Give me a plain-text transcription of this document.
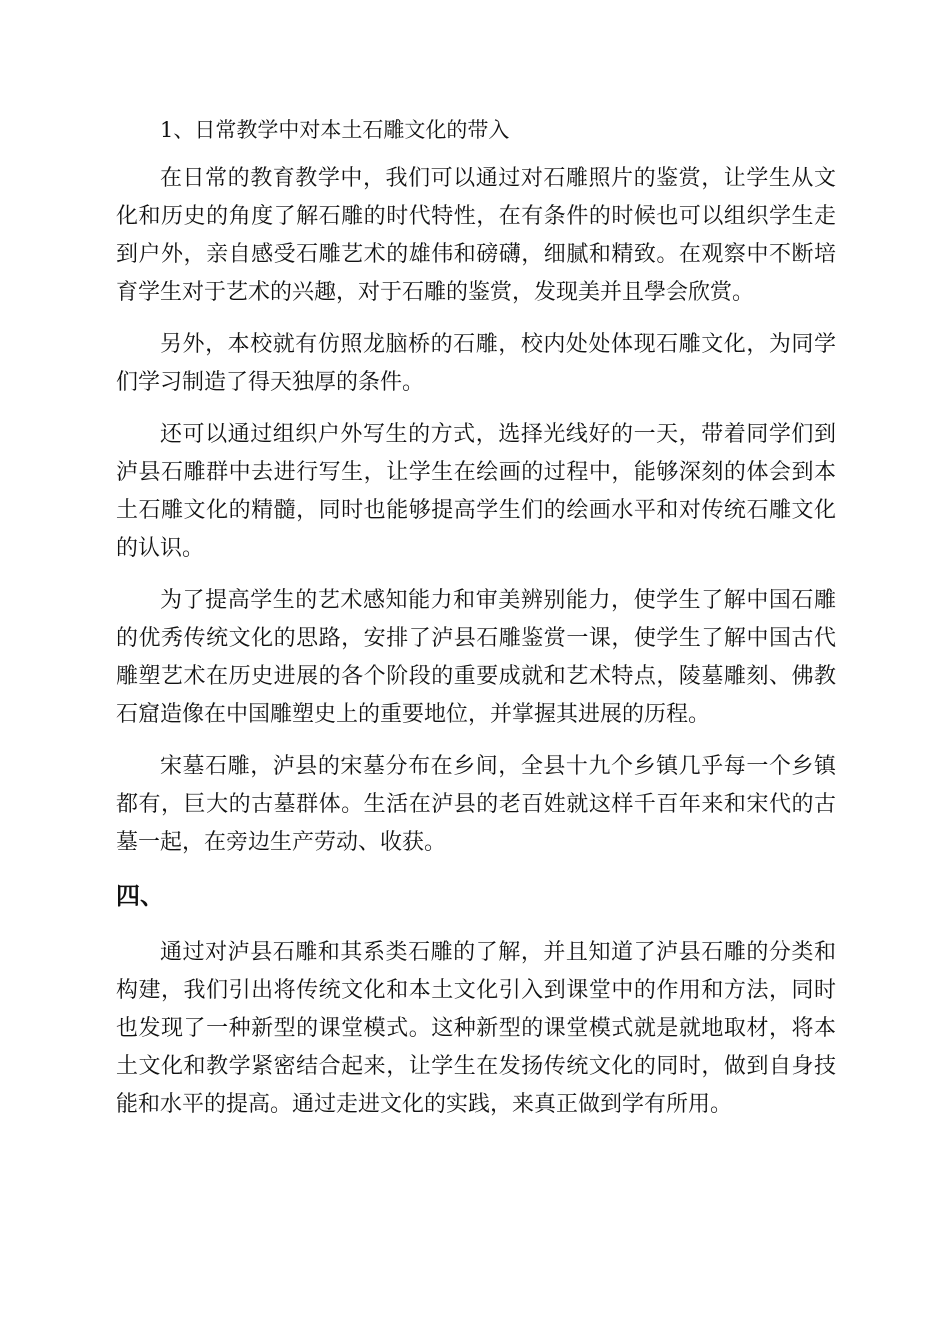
1、日常教学中对本土石雕文化的带入

在日常的教育教学中，我们可以通过对石雕照片的鉴赏，让学生从文化和历史的角度了解石雕的时代特性，在有条件的时候也可以组织学生走到户外，亲自感受石雕艺术的雄伟和磅礴，细腻和精致。在观察中不断培育学生对于艺术的兴趣，对于石雕的鉴赏，发现美并且學会欣赏。

另外，本校就有仿照龙脑桥的石雕，校内处处体现石雕文化，为同学们学习制造了得天独厚的条件。

还可以通过组织户外写生的方式，选择光线好的一天，带着同学们到泸县石雕群中去进行写生，让学生在绘画的过程中，能够深刻的体会到本土石雕文化的精髓，同时也能够提高学生们的绘画水平和对传统石雕文化的认识。

为了提高学生的艺术感知能力和审美辨别能力，使学生了解中国石雕的优秀传统文化的思路，安排了泸县石雕鉴赏一课，使学生了解中国古代雕塑艺术在历史进展的各个阶段的重要成就和艺术特点，陵墓雕刻、佛教石窟造像在中国雕塑史上的重要地位，并掌握其进展的历程。

宋墓石雕，泸县的宋墓分布在乡间，全县十九个乡镇几乎每一个乡镇都有，巨大的古墓群体。生活在泸县的老百姓就这样千百年来和宋代的古墓一起，在旁边生产劳动、收获。

四、

通过对泸县石雕和其系类石雕的了解，并且知道了泸县石雕的分类和构建，我们引出将传统文化和本土文化引入到课堂中的作用和方法，同时也发现了一种新型的课堂模式。这种新型的课堂模式就是就地取材，将本土文化和教学紧密结合起来，让学生在发扬传统文化的同时，做到自身技能和水平的提高。通过走进文化的实践，来真正做到学有所用。
